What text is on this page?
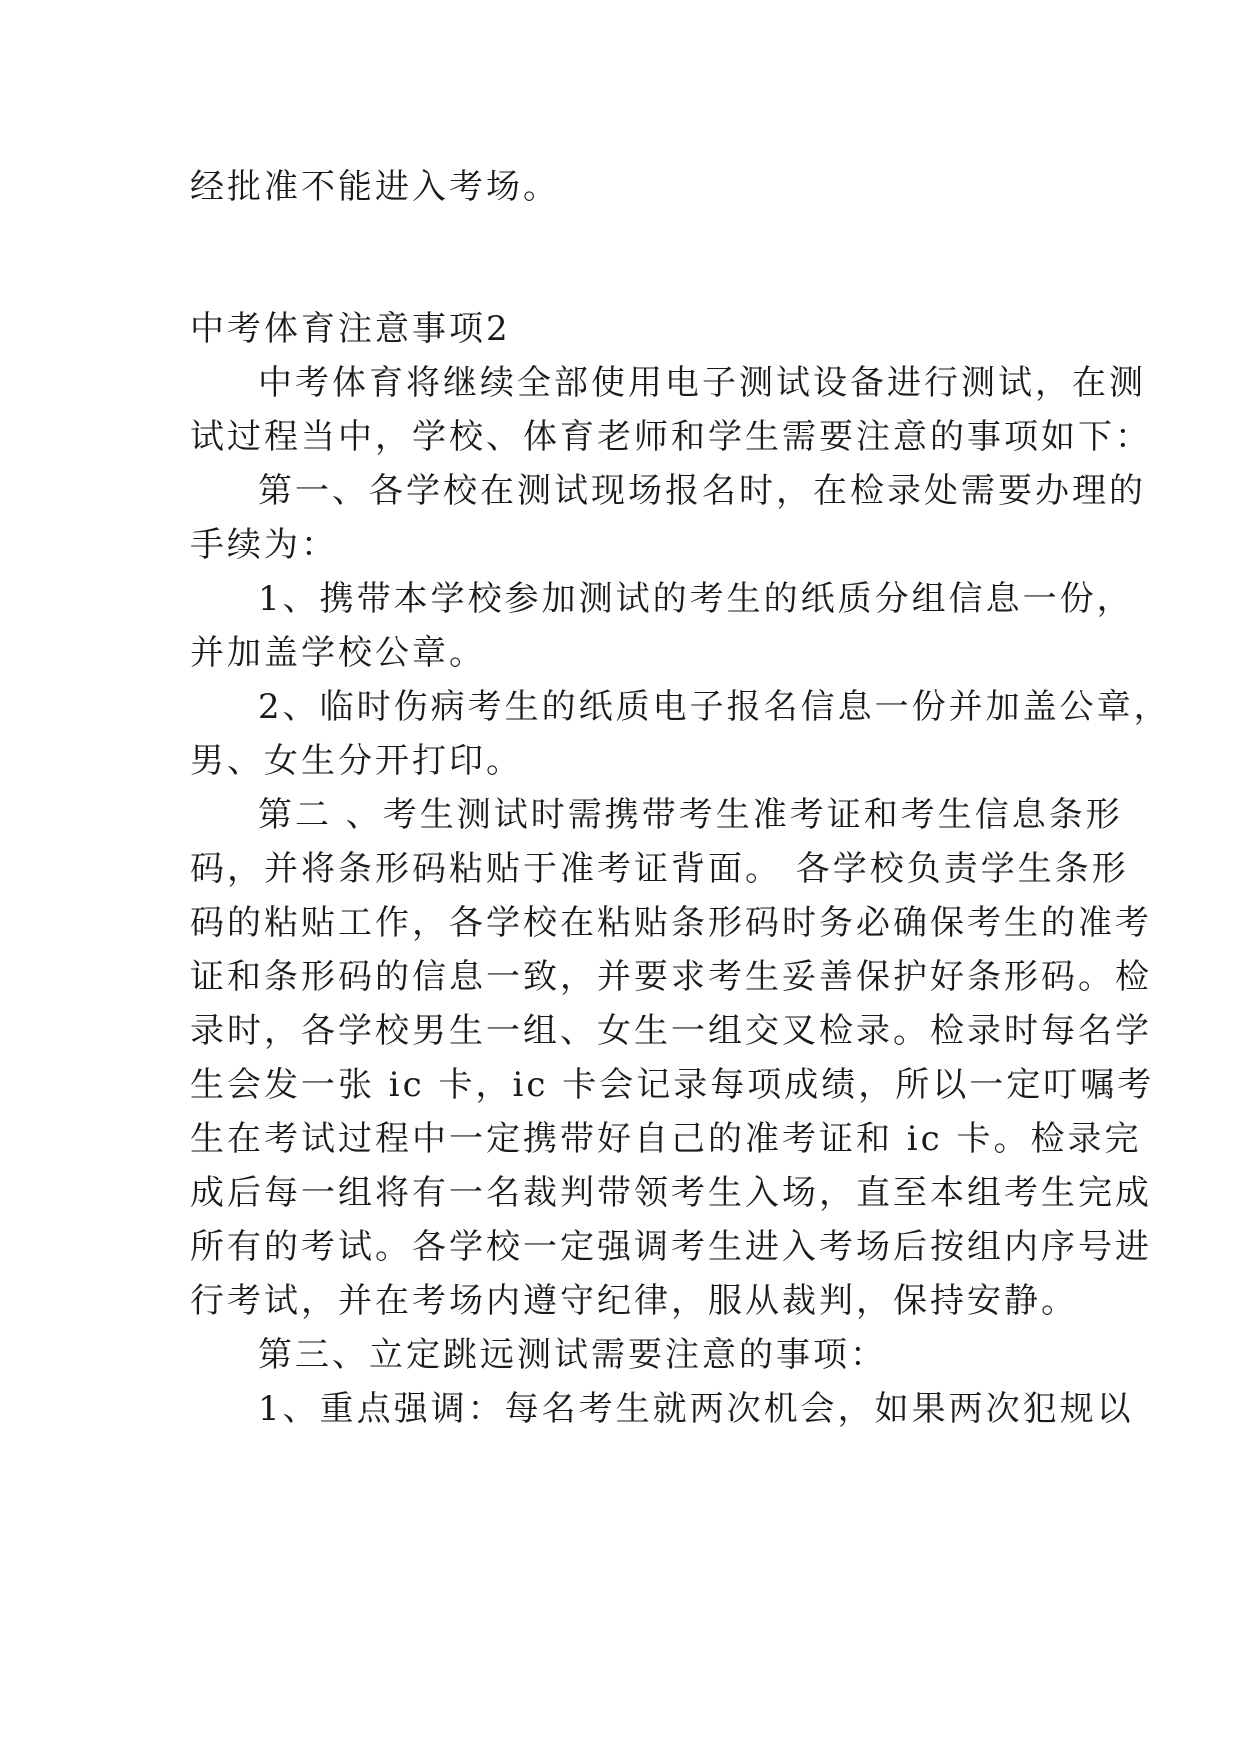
经批准不能进入考场。
中考体育注意事项2
中考体育将继续全部使用电子测试设备进行测试，在测
试过程当中，学校、体育老师和学生需要注意的事项如下：
第一、各学校在测试现场报名时，在检录处需要办理的
手续为：
1、携带本学校参加测试的考生的纸质分组信息一份，
并加盖学校公章。
2、临时伤病考生的纸质电子报名信息一份并加盖公章，
男、女生分开打印。
第二 、考生测试时需携带考生准考证和考生信息条形
码，并将条形码粘贴于准考证背面。 各学校负责学生条形
码的粘贴工作，各学校在粘贴条形码时务必确保考生的准考
证和条形码的信息一致，并要求考生妥善保护好条形码。检
录时，各学校男生一组、女生一组交叉检录。检录时每名学
生会发一张 ic 卡，ic 卡会记录每项成绩，所以一定叮嘱考
生在考试过程中一定携带好自己的准考证和 ic 卡。检录完
成后每一组将有一名裁判带领考生入场，直至本组考生完成
所有的考试。各学校一定强调考生进入考场后按组内序号进
行考试，并在考场内遵守纪律，服从裁判，保持安静。
第三、立定跳远测试需要注意的事项：
1、重点强调：每名考生就两次机会，如果两次犯规以
